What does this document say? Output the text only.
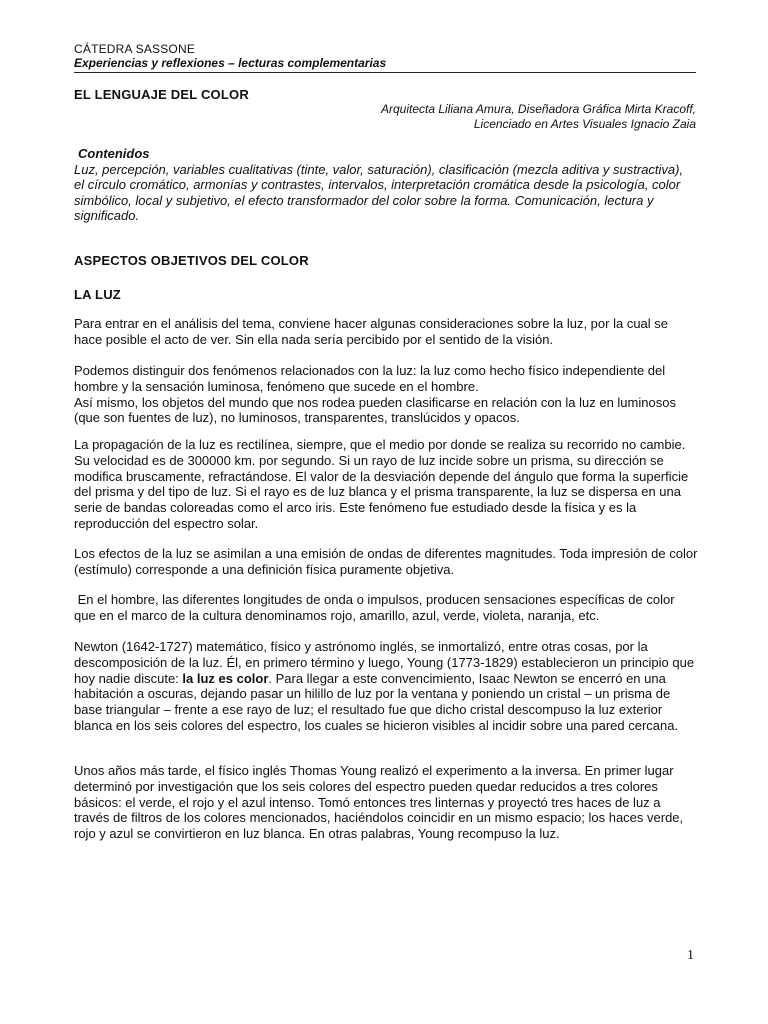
CÁTEDRA SASSONE
Experiencias y reflexiones – lecturas complementarias
EL LENGUAJE DEL COLOR
Arquitecta Liliana Amura, Diseñadora Gráfica Mirta Kracoff,
Licenciado en Artes Visuales Ignacio Zaia
Contenidos
Luz, percepción, variables cualitativas (tinte, valor, saturación), clasificación (mezcla aditiva y sustractiva), el círculo cromático, armonías y contrastes, intervalos, interpretación cromática desde la psicología, color simbólico, local y subjetivo, el efecto transformador del color sobre la forma. Comunicación, lectura y significado.
ASPECTOS OBJETIVOS DEL COLOR
LA LUZ
Para entrar en el análisis del tema, conviene hacer algunas consideraciones sobre la luz, por la cual se hace posible el acto de ver. Sin ella nada sería percibido por el sentido de la visión.
Podemos distinguir dos fenómenos relacionados con la luz: la luz como hecho físico independiente del hombre y la sensación luminosa, fenómeno que sucede en el hombre.
Así mismo, los objetos del mundo que nos rodea pueden clasificarse en relación con la luz en luminosos (que son fuentes de luz), no luminosos, transparentes, translúcidos y opacos.
La propagación de la luz es rectilínea, siempre, que el medio por donde se realiza su recorrido no cambie. Su velocidad es de 300000 km. por segundo. Si un rayo de luz incide sobre un prisma, su dirección se modifica bruscamente, refractándose. El valor de la desviación depende del ángulo que forma la superficie del prisma y del tipo de luz. Si el rayo es de luz blanca y el prisma transparente, la luz se dispersa en una serie de bandas coloreadas como el arco iris. Este fenómeno fue estudiado desde la física y es la reproducción del espectro solar.
Los efectos de la luz se asimilan a una emisión de ondas de diferentes magnitudes. Toda impresión de color (estímulo) corresponde a una definición física puramente objetiva.
En el hombre, las diferentes longitudes de onda o impulsos, producen sensaciones específicas de color que en el marco de la cultura denominamos rojo, amarillo, azul, verde, violeta, naranja, etc.
Newton (1642-1727) matemático, físico y astrónomo inglés, se inmortalizó, entre otras cosas, por la descomposición de la luz. Él, en primero término y luego, Young (1773-1829) establecieron un principio que hoy nadie discute: la luz es color. Para llegar a este convencimiento, Isaac Newton se encerró en una habitación a oscuras, dejando pasar un hilillo de luz por la ventana y poniendo un cristal – un prisma de base triangular – frente a ese rayo de luz; el resultado fue que dicho cristal descompuso la luz exterior blanca en los seis colores del espectro, los cuales se hicieron visibles al incidir sobre una pared cercana.
Unos años más tarde, el físico inglés Thomas Young realizó el experimento a la inversa. En primer lugar determinó por investigación que los seis colores del espectro pueden quedar reducidos a tres colores básicos: el verde, el rojo y el azul intenso. Tomó entonces tres linternas y proyectó tres haces de luz a través de filtros de los colores mencionados, haciéndolos coincidir en un mismo espacio; los haces verde, rojo y azul se convirtieron en luz blanca. En otras palabras, Young recompuso la luz.
1
